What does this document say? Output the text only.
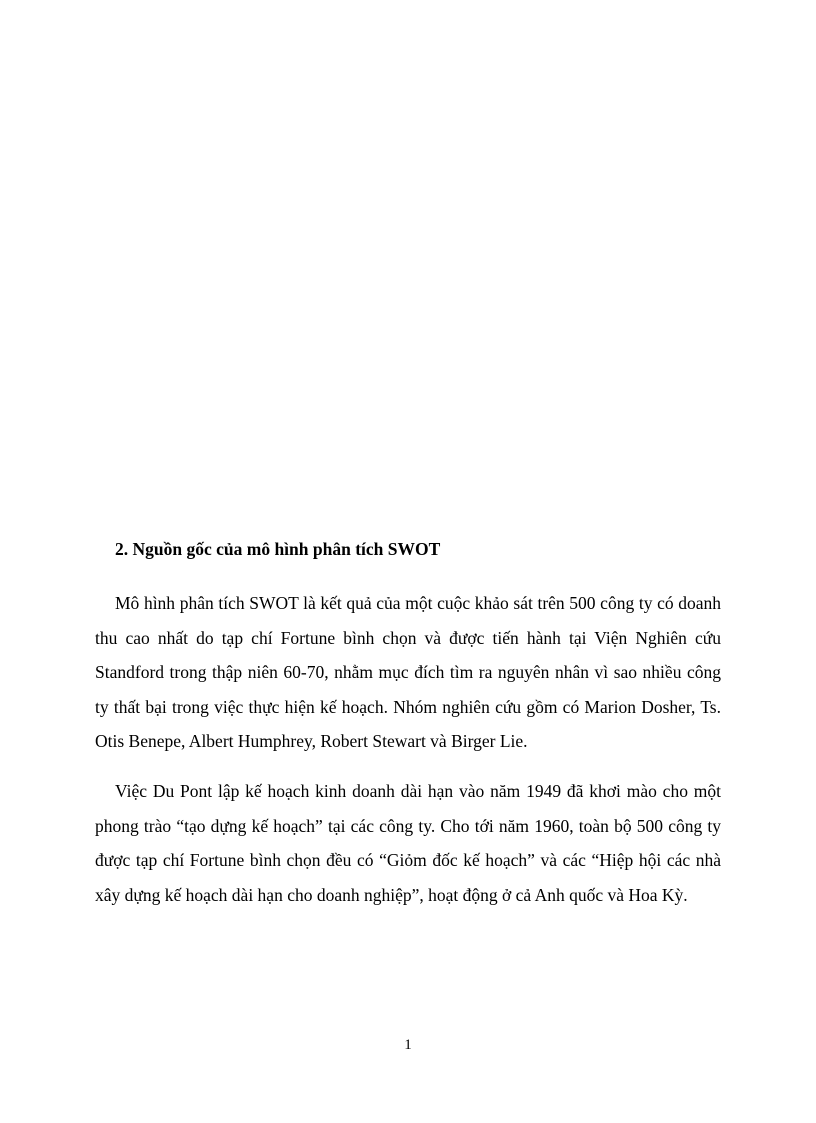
2. Nguồn gốc của mô hình phân tích SWOT

Mô hình phân tích SWOT là kết quả của một cuộc khảo sát trên 500 công ty có doanh thu cao nhất do tạp chí Fortune bình chọn và được tiến hành tại Viện Nghiên cứu Standford trong thập niên 60-70, nhằm mục đích tìm ra nguyên nhân vì sao nhiều công ty thất bại trong việc thực hiện kế hoạch. Nhóm nghiên cứu gồm có Marion Dosher, Ts. Otis Benepe, Albert Humphrey, Robert Stewart và Birger Lie.

Việc Du Pont lập kế hoạch kinh doanh dài hạn vào năm 1949 đã khơi mào cho một phong trào “tạo dựng kế hoạch” tại các công ty. Cho tới năm 1960, toàn bộ 500 công ty được tạp chí Fortune bình chọn đều có “Giỏm đốc kế hoạch” và các “Hiệp hội các nhà xây dựng kế hoạch dài hạn cho doanh nghiệp”, hoạt động ở cả Anh quốc và Hoa Kỳ.

1
